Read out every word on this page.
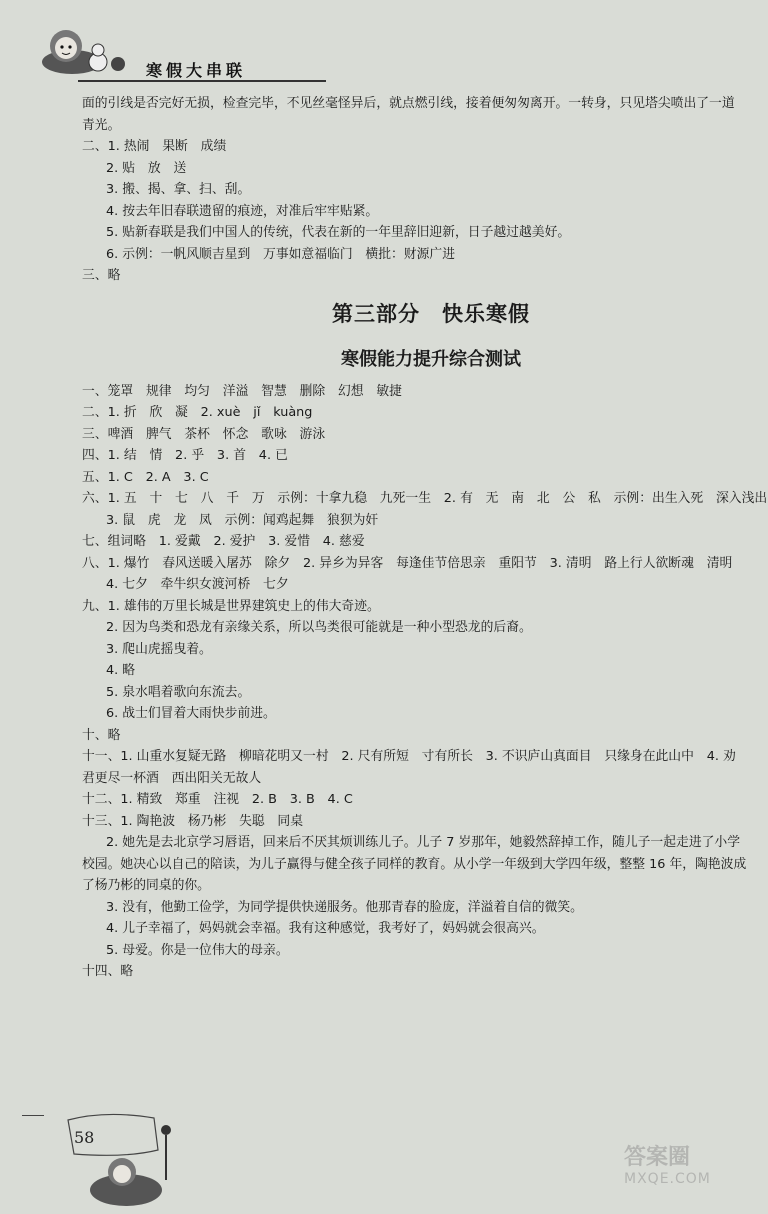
寒假大串联
面的引线是否完好无损，检查完毕，不见丝毫怪异后，就点燃引线，接着便匆匆离开。一转身，只见塔尖喷出了一道
青光。
二、1. 热闹　果断　成绩
2. 贴　放　送
3. 搬、揭、拿、扫、刮。
4. 按去年旧春联遗留的痕迹，对准后牢牢贴紧。
5. 贴新春联是我们中国人的传统，代表在新的一年里辞旧迎新，日子越过越美好。
6. 示例：一帆风顺吉星到　万事如意福临门　横批：财源广进
三、略
第三部分　快乐寒假
寒假能力提升综合测试
一、笼罩　规律　均匀　洋溢　智慧　删除　幻想　敏捷
二、1. 折　欣　凝　2. xuè　jǐ　kuàng
三、啤酒　脾气　茶杯　怀念　歌咏　游泳
四、1. 结　情　2. 乎　3. 首　4. 已
五、1. C　2. A　3. C
六、1. 五　十　七　八　千　万　示例：十拿九稳　九死一生　2. 有　无　南　北　公　私　示例：出生入死　深入浅出
3. 鼠　虎　龙　凤　示例：闻鸡起舞　狼狈为奸
七、组词略　1. 爱戴　2. 爱护　3. 爱惜　4. 慈爱
八、1. 爆竹　春风送暖入屠苏　除夕　2. 异乡为异客　每逢佳节倍思亲　重阳节　3. 清明　路上行人欲断魂　清明
4. 七夕　牵牛织女渡河桥　七夕
九、1. 雄伟的万里长城是世界建筑史上的伟大奇迹。
2. 因为鸟类和恐龙有亲缘关系，所以鸟类很可能就是一种小型恐龙的后裔。
3. 爬山虎摇曳着。
4. 略
5. 泉水唱着歌向东流去。
6. 战士们冒着大雨快步前进。
十、略
十一、1. 山重水复疑无路　柳暗花明又一村　2. 尺有所短　寸有所长　3. 不识庐山真面目　只缘身在此山中　4. 劝
君更尽一杯酒　西出阳关无故人
十二、1. 精致　郑重　注视　2. B　3. B　4. C
十三、1. 陶艳波　杨乃彬　失聪　同桌
2. 她先是去北京学习唇语，回来后不厌其烦训练儿子。儿子 7 岁那年，她毅然辞掉工作，随儿子一起走进了小学
校园。她决心以自己的陪读，为儿子赢得与健全孩子同样的教育。从小学一年级到大学四年级，整整 16 年，陶艳波成
了杨乃彬的同桌的你。
3. 没有，他勤工俭学，为同学提供快递服务。他那青春的脸庞，洋溢着自信的微笑。
4. 儿子幸福了，妈妈就会幸福。我有这种感觉，我考好了，妈妈就会很高兴。
5. 母爱。你是一位伟大的母亲。
十四、略
58
答案圈
MXQE.COM
